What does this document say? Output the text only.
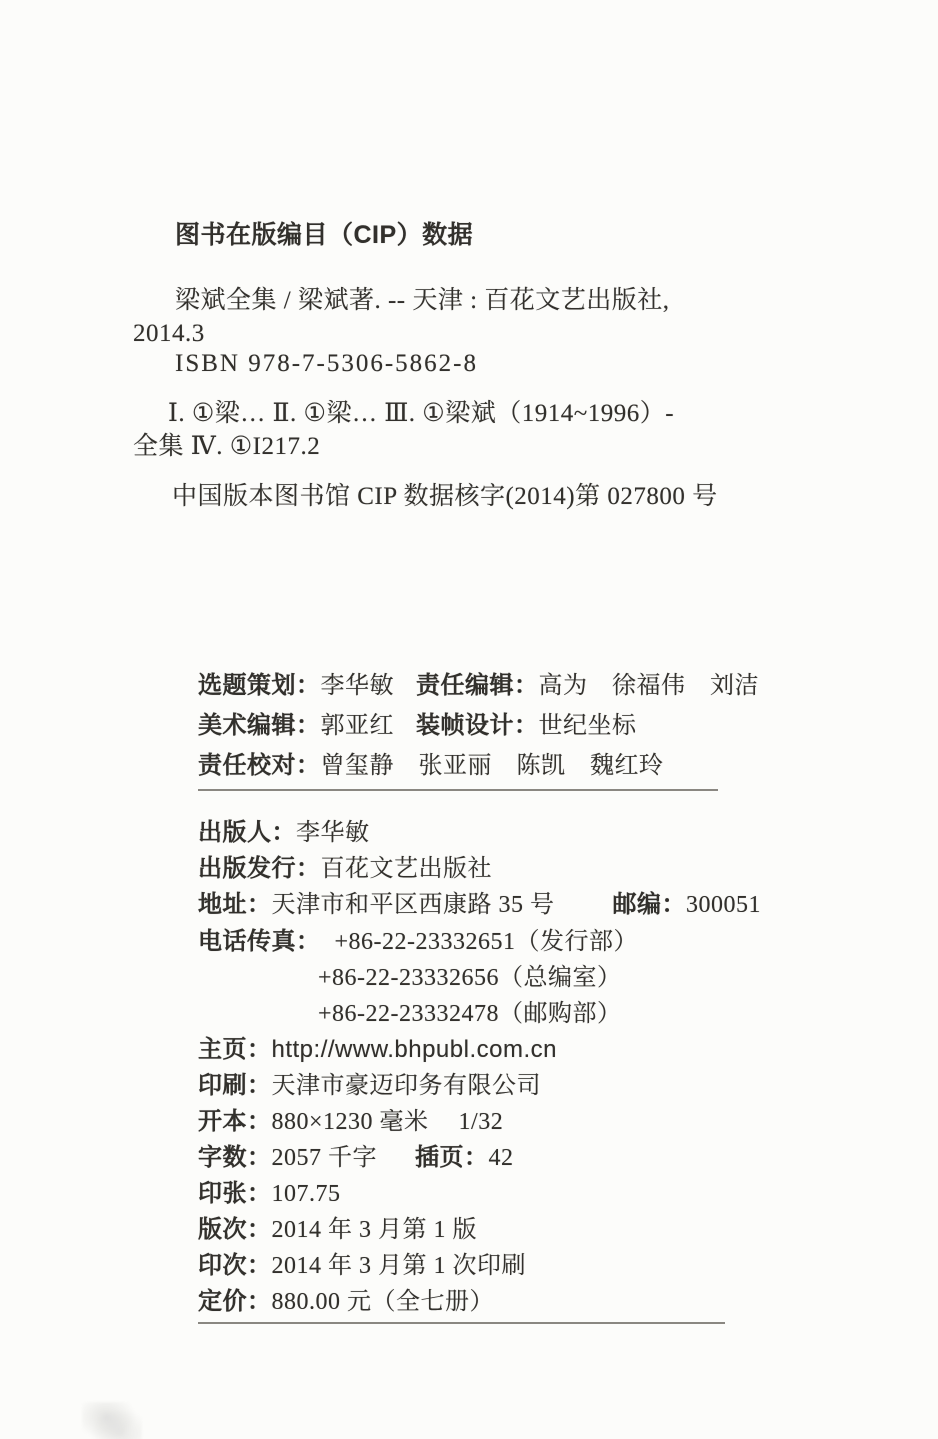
图书在版编目（CIP）数据
梁斌全集 / 梁斌著. -- 天津 : 百花文艺出版社,
2014.3
ISBN 978-7-5306-5862-8
Ⅰ. ①梁… Ⅱ. ①梁… Ⅲ. ①梁斌（1914~1996）-
全集 Ⅳ. ①I217.2
中国版本图书馆 CIP 数据核字(2014)第 027800 号
选题策划：李华敏 责任编辑：高为　徐福伟　刘洁
美术编辑：郭亚红 装帧设计：世纪坐标
责任校对：曾玺静　张亚丽　陈凯　魏红玲
出版人：李华敏
出版发行：百花文艺出版社
地址：天津市和平区西康路 35 号 邮编：300051
电话传真： +86-22-23332651（发行部）
+86-22-23332656（总编室）
+86-22-23332478（邮购部）
主页：http://www.bhpubl.com.cn
印刷：天津市豪迈印务有限公司
开本：880×1230 毫米 1/32
字数：2057 千字 插页：42
印张：107.75
版次：2014 年 3 月第 1 版
印次：2014 年 3 月第 1 次印刷
定价：880.00 元（全七册）
